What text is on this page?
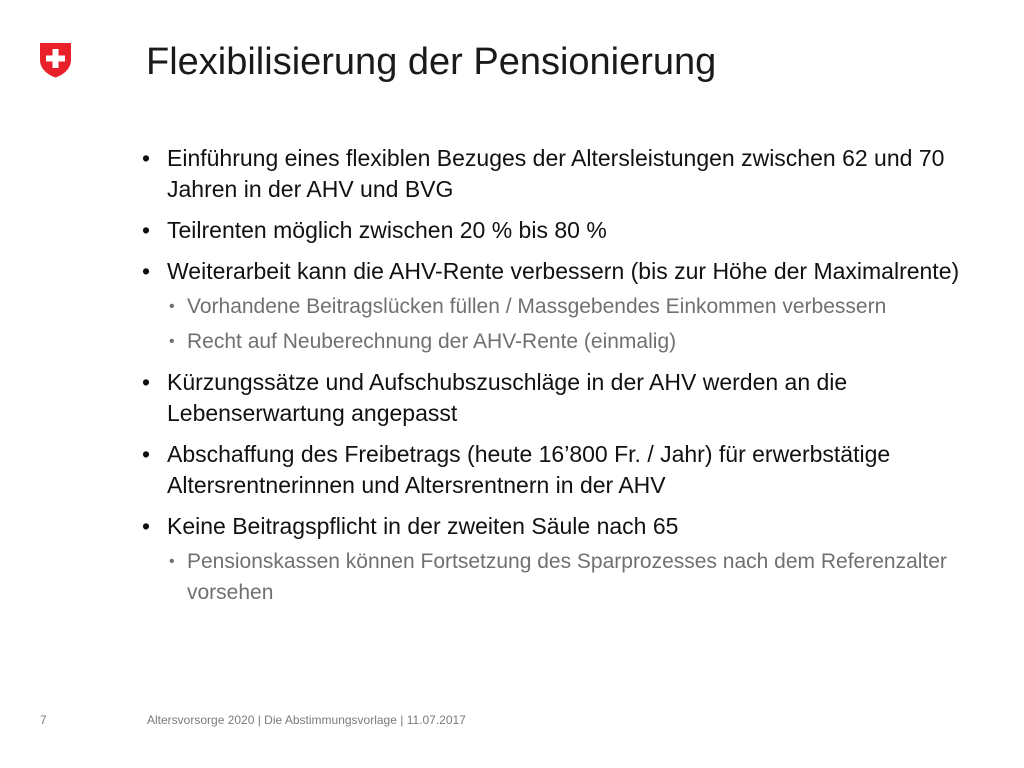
Flexibilisierung der Pensionierung
• Einführung eines flexiblen Bezuges der Altersleistungen zwischen 62 und 70 Jahren in der AHV und BVG
• Teilrenten möglich zwischen 20 % bis 80 %
• Weiterarbeit kann die AHV-Rente verbessern (bis zur Höhe der Maximalrente)
• Vorhandene Beitragslücken füllen / Massgebendes Einkommen verbessern
• Recht auf Neuberechnung der AHV-Rente (einmalig)
• Kürzungssätze und Aufschubszuschläge in der AHV werden an die Lebenserwartung angepasst
• Abschaffung des Freibetrags (heute 16’800 Fr. / Jahr) für erwerbstätige Altersrentnerinnen und Altersrentnern in der AHV
• Keine Beitragspflicht in der zweiten Säule nach 65
• Pensionskassen können Fortsetzung des Sparprozesses nach dem Referenzalter vorsehen
7	Altersvorsorge 2020 | Die Abstimmungsvorlage | 11.07.2017
